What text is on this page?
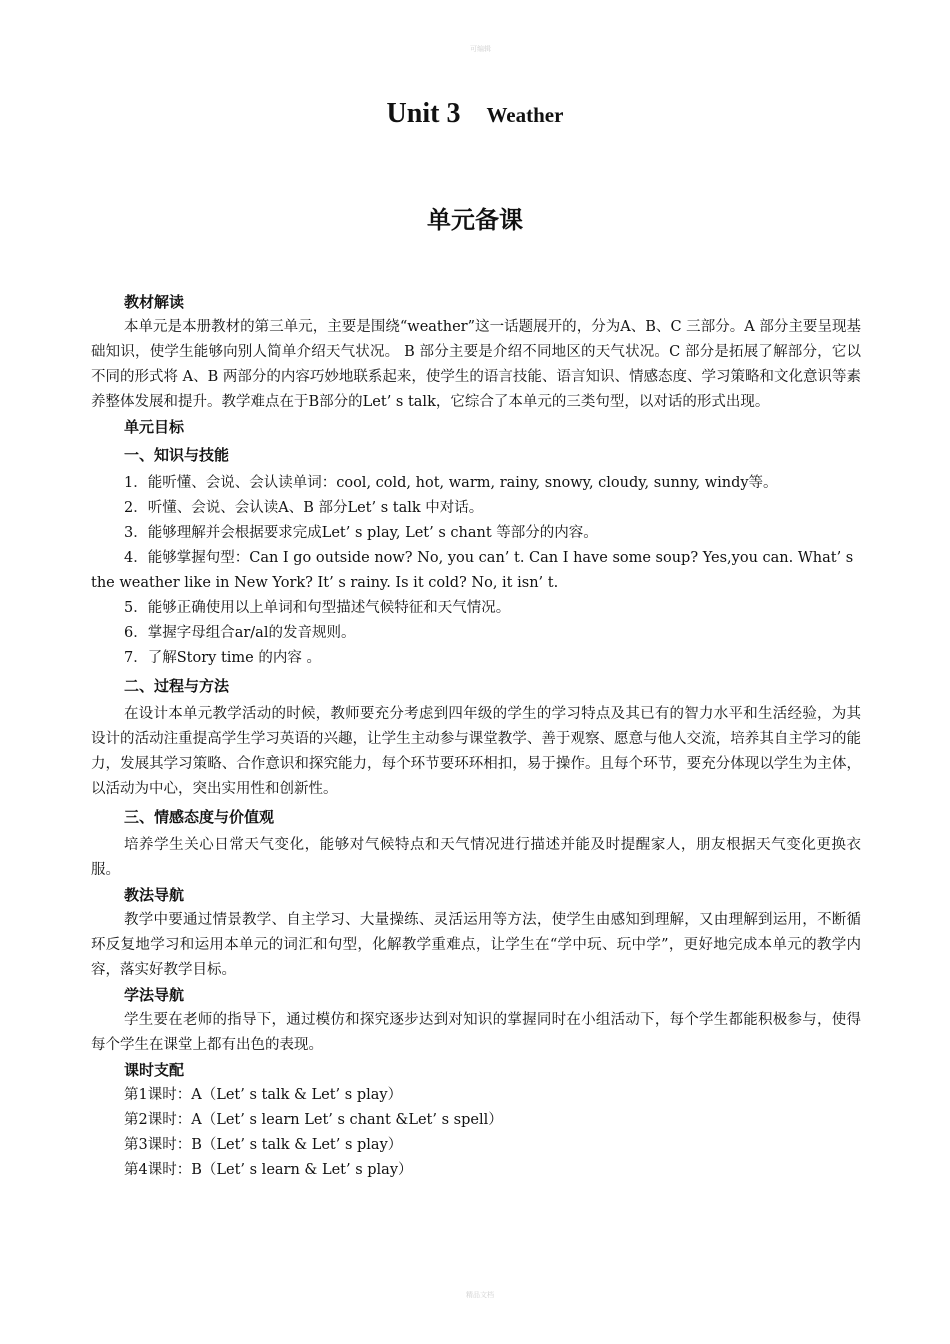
可编辑
Unit 3 Weather
单元备课
教材解读

本单元是本册教材的第三单元，主要是围绕“weather”这一话题展开的，分为A、B、C 三部分。A 部分主要呈现基础知识，使学生能够向别人简单介绍天气状况。 B 部分主要是介绍不同地区的天气状况。C 部分是拓展了解部分，它以不同的形式将 A、B 两部分的内容巧妙地联系起来，使学生的语言技能、语言知识、情感态度、学习策略和文化意识等素养整体发展和提升。教学难点在于B部分的Let’ s talk，它综合了本单元的三类句型，以对话的形式出现。

单元目标
一、知识与技能

1．能听懂、会说、会认读单词：cool, cold, hot, warm, rainy, snowy, cloudy, sunny, windy等。

2．听懂、会说、会认读A、B 部分Let’ s talk 中对话。

3．能够理解并会根据要求完成Let’ s play, Let’ s chant 等部分的内容。

4．能够掌握句型：Can I go outside now? No, you can’ t. Can I have some soup? Yes,you can. What’ s the weather like in New York? It’ s rainy. Is it cold? No, it isn’ t.

5．能够正确使用以上单词和句型描述气候特征和天气情况。

6．掌握字母组合ar/al的发音规则。

7．了解Story time 的内容 。

二、过程与方法

在设计本单元教学活动的时候，教师要充分考虑到四年级的学生的学习特点及其已有的智力水平和生活经验，为其设计的活动注重提高学生学习英语的兴趣，让学生主动参与课堂教学、善于观察、愿意与他人交流，培养其自主学习的能力，发展其学习策略、合作意识和探究能力，每个环节要环环相扣，易于操作。且每个环节，要充分体现以学生为主体，以活动为中心，突出实用性和创新性。

三、情感态度与价值观

培养学生关心日常天气变化，能够对气候特点和天气情况进行描述并能及时提醒家人，朋友根据天气变化更换衣服。

教法导航

教学中要通过情景教学、自主学习、大量操练、灵活运用等方法，使学生由感知到理解，又由理解到运用，不断循环反复地学习和运用本单元的词汇和句型，化解教学重难点，让学生在“学中玩、玩中学”，更好地完成本单元的教学内容，落实好教学目标。

学法导航

学生要在老师的指导下，通过模仿和探究逐步达到对知识的掌握同时在小组活动下，每个学生都能积极参与，使得每个学生在课堂上都有出色的表现。

课时支配

第1课时：A（Let’ s talk & Let’ s play）

第2课时：A（Let’ s learn Let’ s chant &Let’ s spell）

第3课时：B（Let’ s talk & Let’ s play）

第4课时：B（Let’ s learn & Let’ s play）

精品文档
